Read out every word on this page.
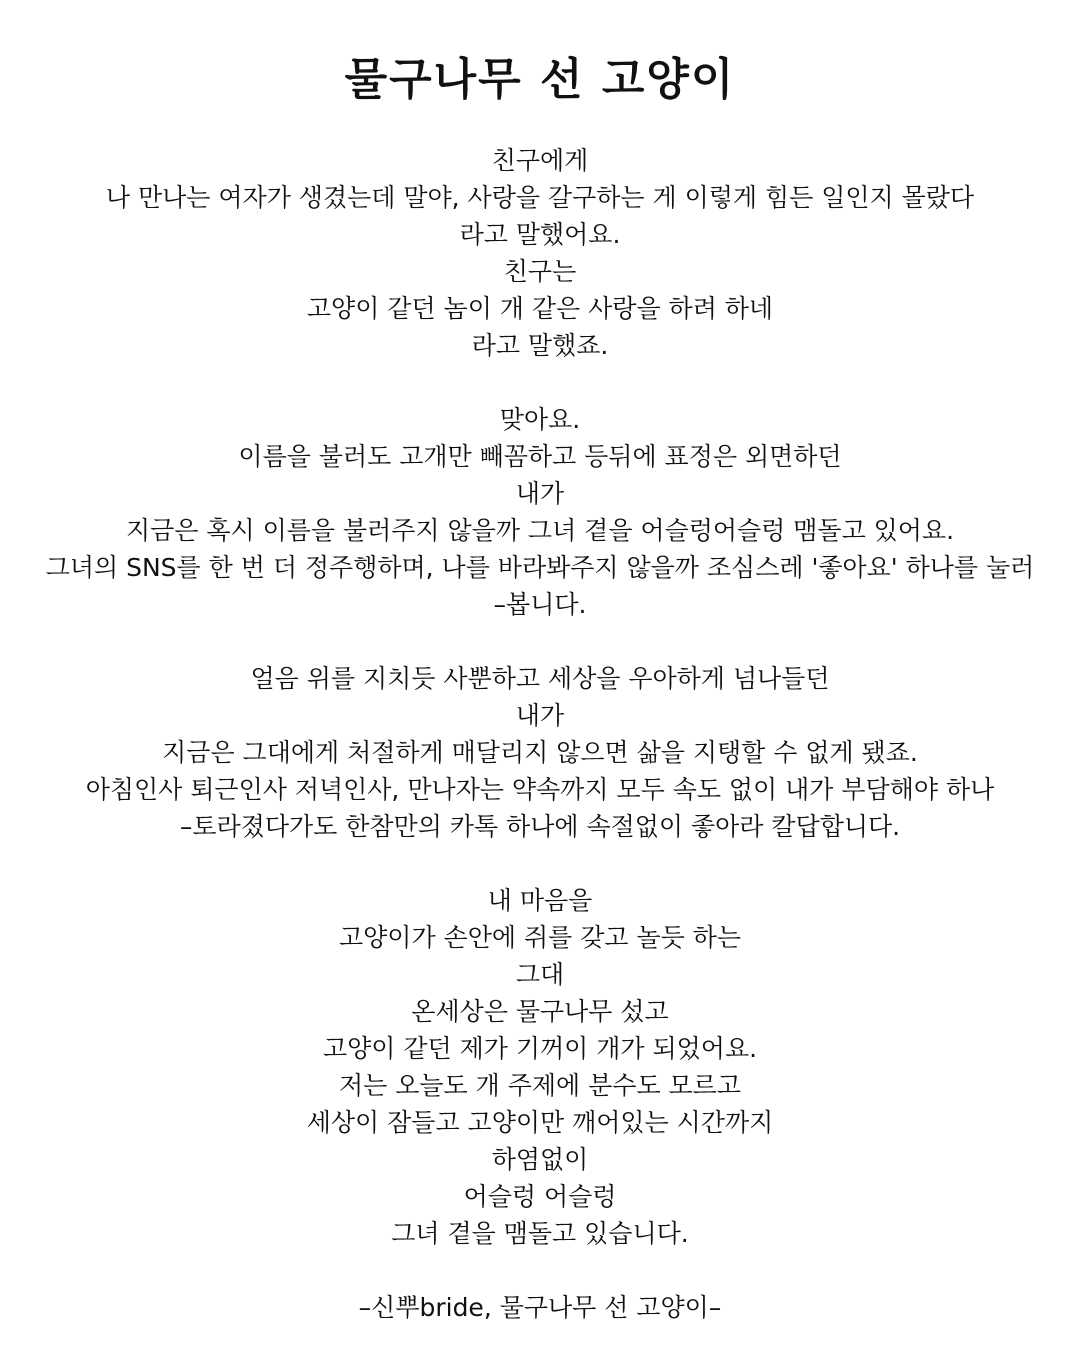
물구나무 선 고양이
친구에게
나 만나는 여자가 생겼는데 말야, 사랑을 갈구하는 게 이렇게 힘든 일인지 몰랐다
라고 말했어요.
친구는
고양이 같던 놈이 개 같은 사랑을 하려 하네
라고 말했죠.
맞아요.
이름을 불러도 고개만 빼꼼하고 등뒤에 표정은 외면하던
내가
지금은 혹시 이름을 불러주지 않을까 그녀 곁을 어슬렁어슬렁 맴돌고 있어요.
그녀의 SNS를 한 번 더 정주행하며, 나를 바라봐주지 않을까 조심스레 '좋아요' 하나를 눌러
–봅니다.
얼음 위를 지치듯 사뿐하고 세상을 우아하게 넘나들던
내가
지금은 그대에게 처절하게 매달리지 않으면 삶을 지탱할 수 없게 됐죠.
아침인사 퇴근인사 저녁인사, 만나자는 약속까지 모두 속도 없이 내가 부담해야 하나
–토라졌다가도 한참만의 카톡 하나에 속절없이 좋아라 칼답합니다.
내 마음을
고양이가 손안에 쥐를 갖고 놀듯 하는
그대
온세상은 물구나무 섰고
고양이 같던 제가 기꺼이 개가 되었어요.
저는 오늘도 개 주제에 분수도 모르고
세상이 잠들고 고양이만 깨어있는 시간까지
하염없이
어슬렁 어슬렁
그녀 곁을 맴돌고 있습니다.
–신뿌bride, 물구나무 선 고양이–
